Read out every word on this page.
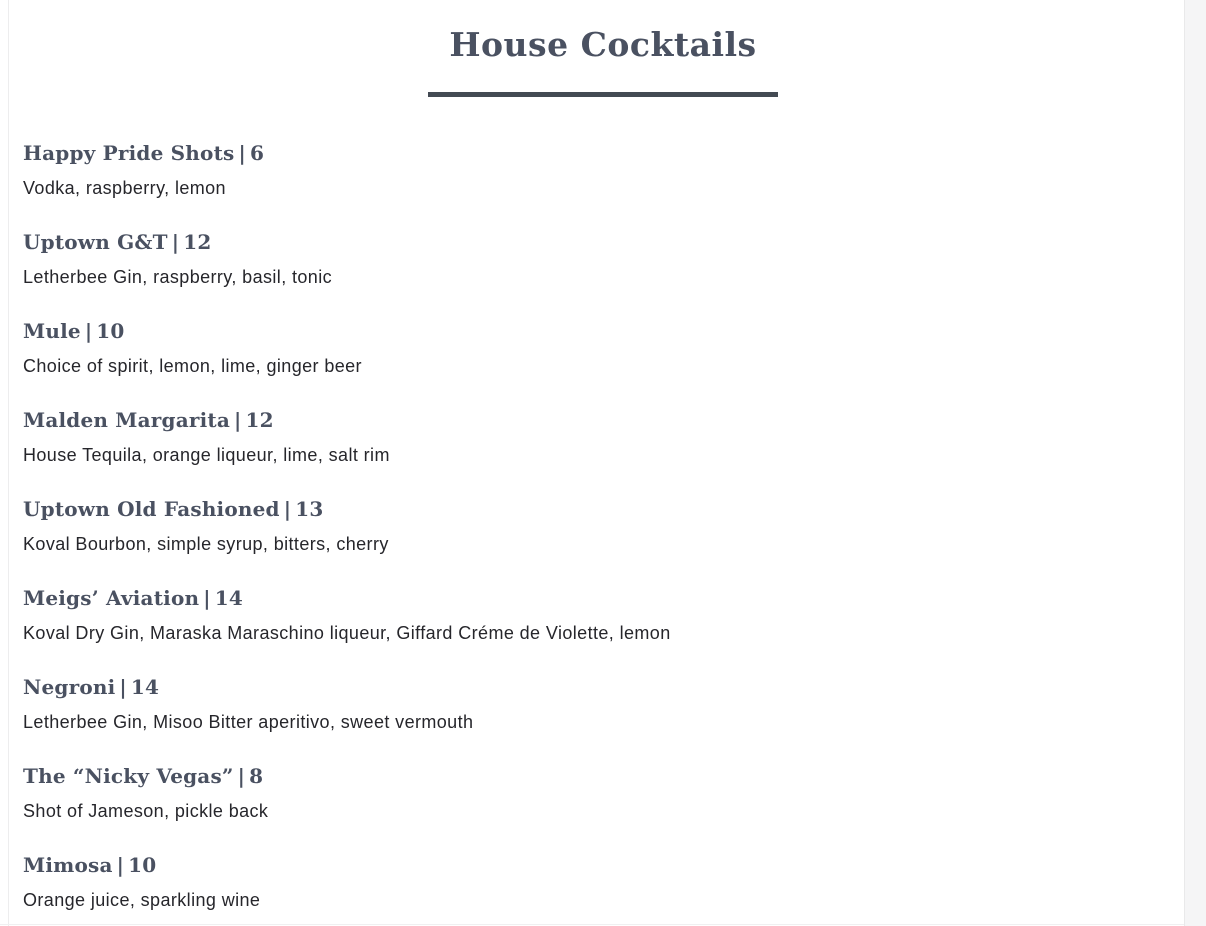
House Cocktails
Happy Pride Shots | 6
Vodka, raspberry, lemon
Uptown G&T | 12
Letherbee Gin, raspberry, basil, tonic
Mule | 10
Choice of spirit, lemon, lime, ginger beer
Malden Margarita | 12
House Tequila, orange liqueur, lime, salt rim
Uptown Old Fashioned | 13
Koval Bourbon, simple syrup, bitters, cherry
Meigs’ Aviation | 14
Koval Dry Gin, Maraska Maraschino liqueur, Giffard Créme de Violette, lemon
Negroni | 14
Letherbee Gin, Misoo Bitter aperitivo, sweet vermouth
The “Nicky Vegas” | 8
Shot of Jameson, pickle back
Mimosa | 10
Orange juice, sparkling wine
